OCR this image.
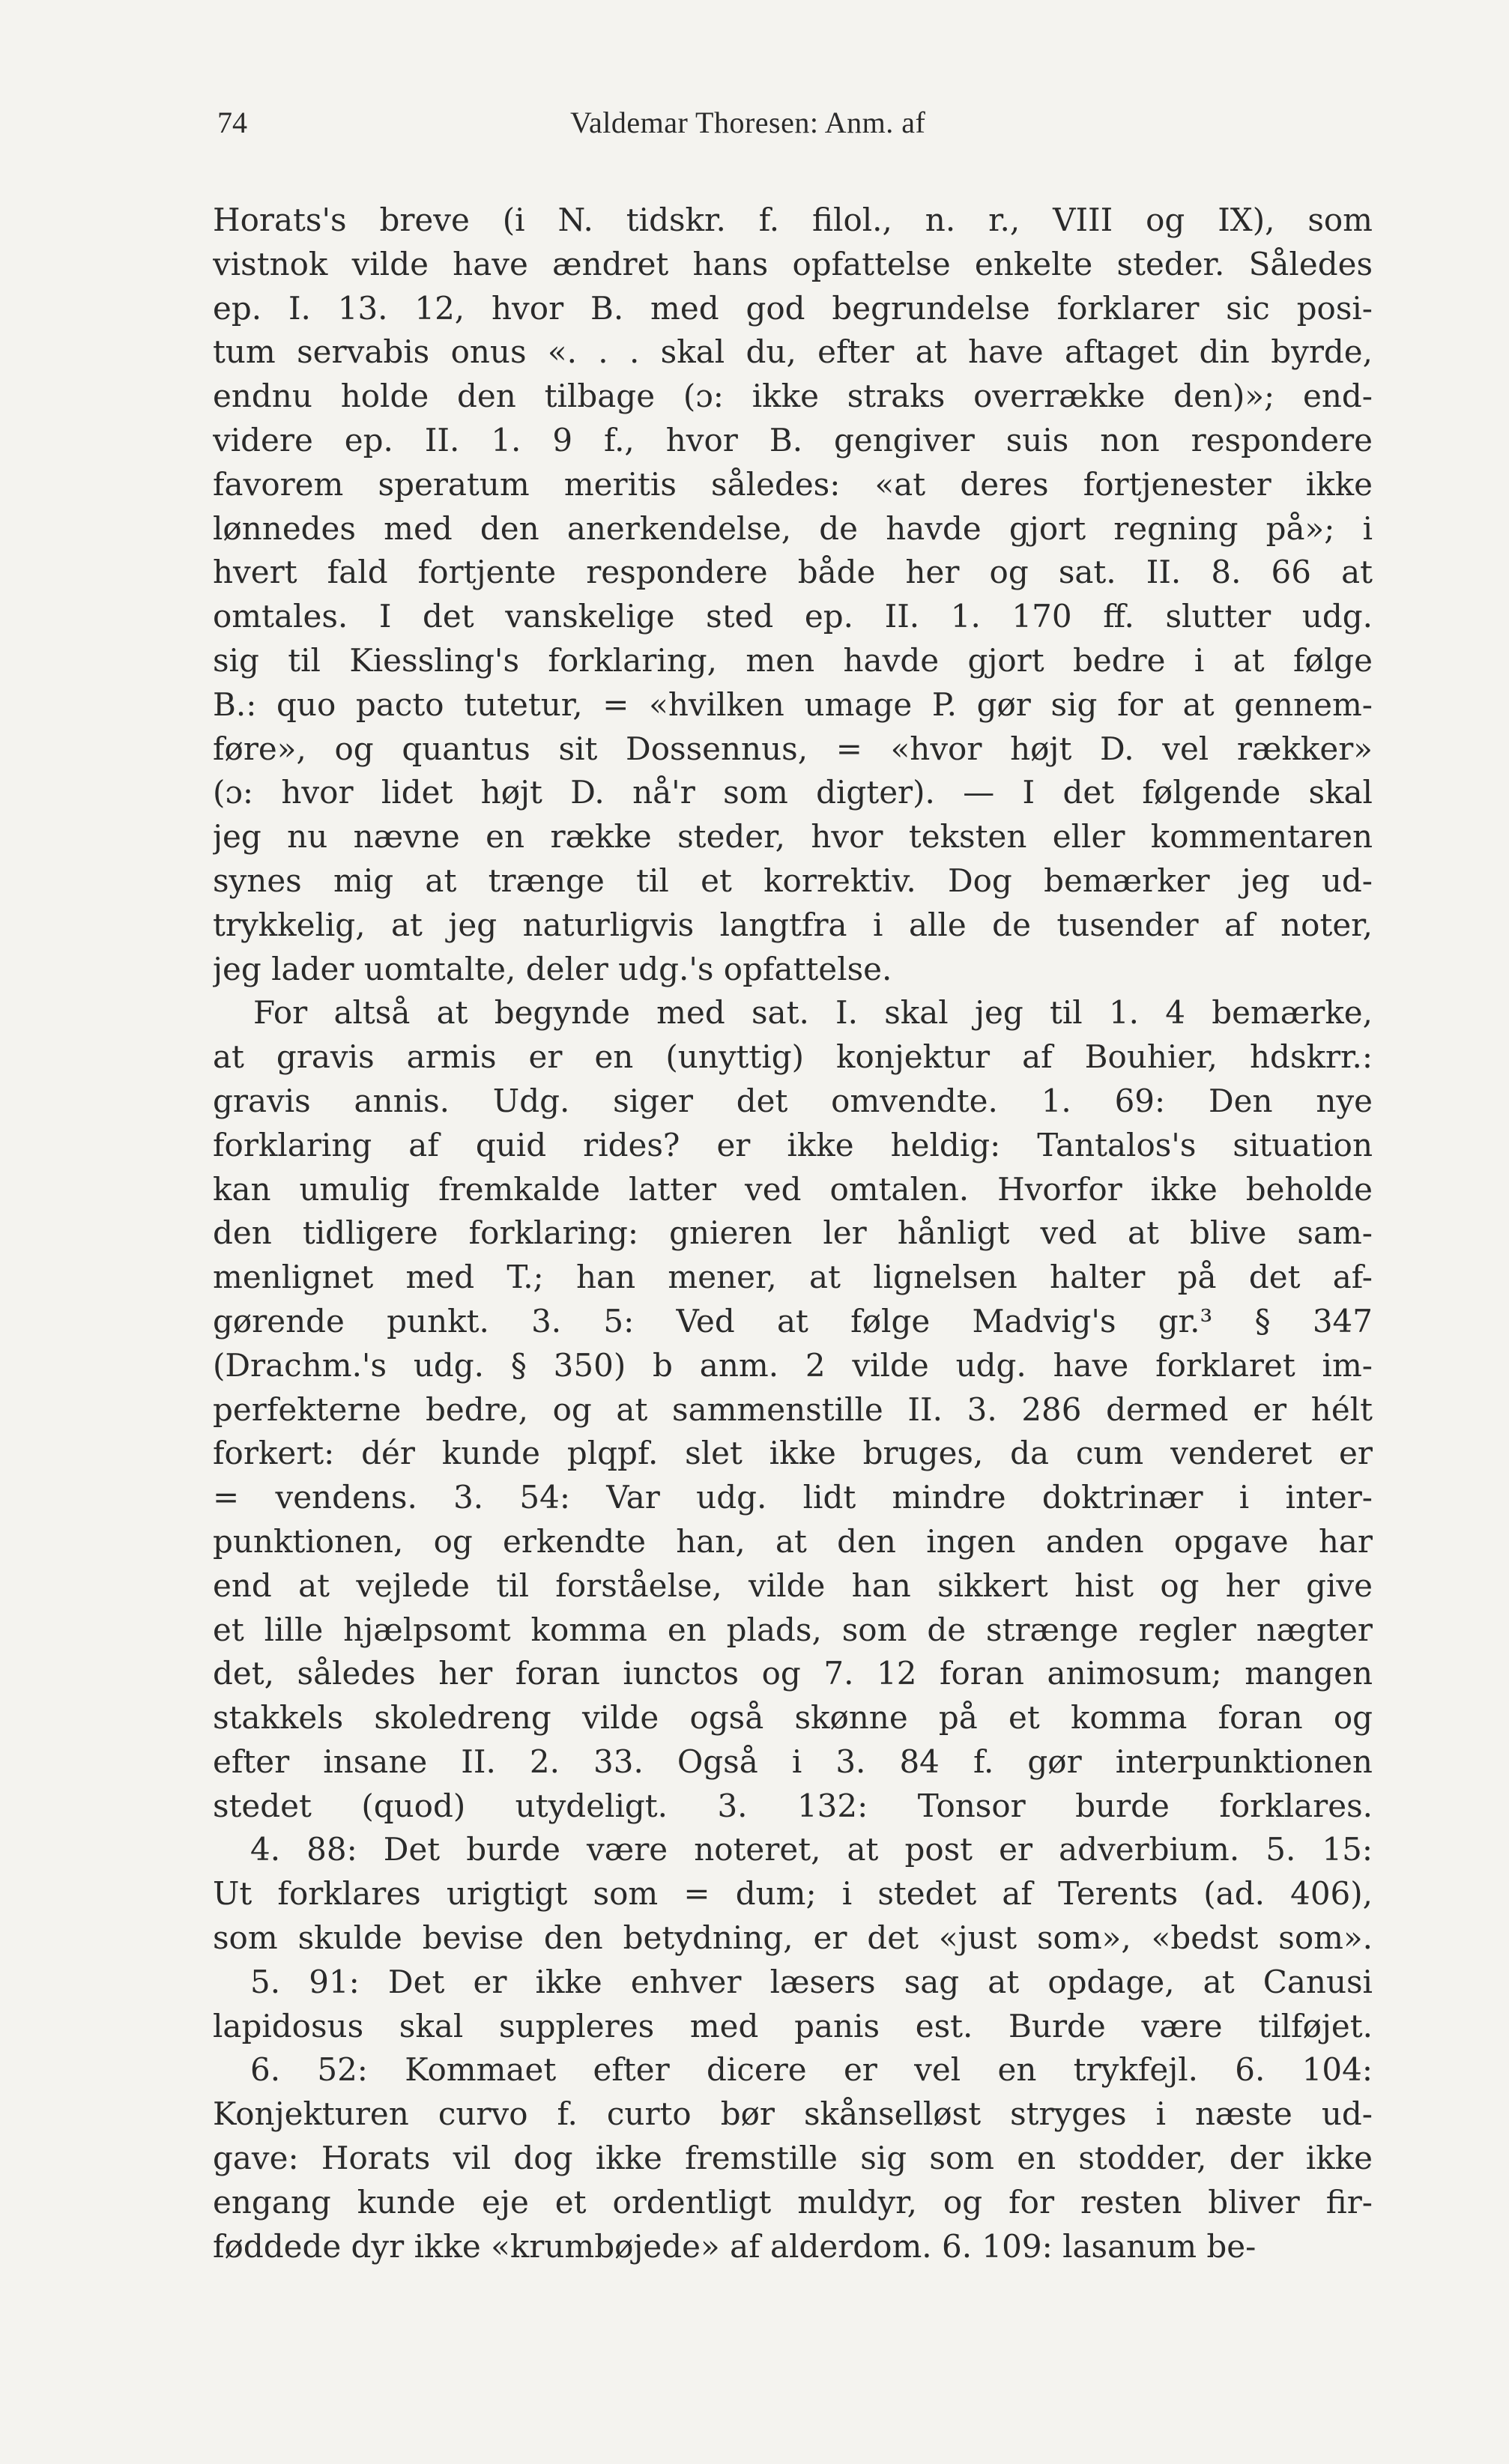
74	Valdemar Thoresen: Anm. af
Horats's breve (i N. tidskr. f. filol., n. r., VIII og IX), som
vistnok vilde have ændret hans opfattelse enkelte steder. Således
ep. I. 13. 12, hvor B. med god begrundelse forklarer sic posi-
tum servabis onus «. . . skal du, efter at have aftaget din byrde,
endnu holde den tilbage (ɔ: ikke straks overrække den)»; end-
videre ep. II. 1. 9 f., hvor B. gengiver suis non respondere
favorem speratum meritis således: «at deres fortjenester ikke
lønnedes med den anerkendelse, de havde gjort regning på»; i
hvert fald fortjente respondere både her og sat. II. 8. 66 at
omtales. I det vanskelige sted ep. II. 1. 170 ff. slutter udg.
sig til Kiessling's forklaring, men havde gjort bedre i at følge
B.: quo pacto tutetur, = «hvilken umage P. gør sig for at gennem-
føre», og quantus sit Dossennus, = «hvor højt D. vel rækker»
(ɔ: hvor lidet højt D. nå'r som digter). — I det følgende skal
jeg nu nævne en række steder, hvor teksten eller kommentaren
synes mig at trænge til et korrektiv. Dog bemærker jeg ud-
trykkelig, at jeg naturligvis langtfra i alle de tusender af noter,
jeg lader uomtalte, deler udg.'s opfattelse.
For altså at begynde med sat. I. skal jeg til 1. 4 bemærke,
at gravis armis er en (unyttig) konjektur af Bouhier, hdskrr.:
gravis annis. Udg. siger det omvendte. 1. 69: Den nye
forklaring af quid rides? er ikke heldig: Tantalos's situation
kan umulig fremkalde latter ved omtalen. Hvorfor ikke beholde
den tidligere forklaring: gnieren ler hånligt ved at blive sam-
menlignet med T.; han mener, at lignelsen halter på det af-
gørende punkt. 3. 5: Ved at følge Madvig's gr.³ § 347
(Drachm.'s udg. § 350) b anm. 2 vilde udg. have forklaret im-
perfekterne bedre, og at sammenstille II. 3. 286 dermed er hélt
forkert: dér kunde plqpf. slet ikke bruges, da cum venderet er
= vendens. 3. 54: Var udg. lidt mindre doktrinær i inter-
punktionen, og erkendte han, at den ingen anden opgave har
end at vejlede til forståelse, vilde han sikkert hist og her give
et lille hjælpsomt komma en plads, som de strænge regler nægter
det, således her foran iunctos og 7. 12 foran animosum; mangen
stakkels skoledreng vilde også skønne på et komma foran og
efter insane II. 2. 33. Også i 3. 84 f. gør interpunktionen
stedet (quod) utydeligt. 3. 132: Tonsor burde forklares.
4. 88: Det burde være noteret, at post er adverbium. 5. 15:
Ut forklares urigtigt som = dum; i stedet af Terents (ad. 406),
som skulde bevise den betydning, er det «just som», «bedst som».
5. 91: Det er ikke enhver læsers sag at opdage, at Canusi
lapidosus skal suppleres med panis est. Burde være tilføjet.
6. 52: Kommaet efter dicere er vel en trykfejl. 6. 104:
Konjekturen curvo f. curto bør skånselløst stryges i næste ud-
gave: Horats vil dog ikke fremstille sig som en stodder, der ikke
engang kunde eje et ordentligt muldyr, og for resten bliver fir-
føddede dyr ikke «krumbøjede» af alderdom. 6. 109: lasanum be-
